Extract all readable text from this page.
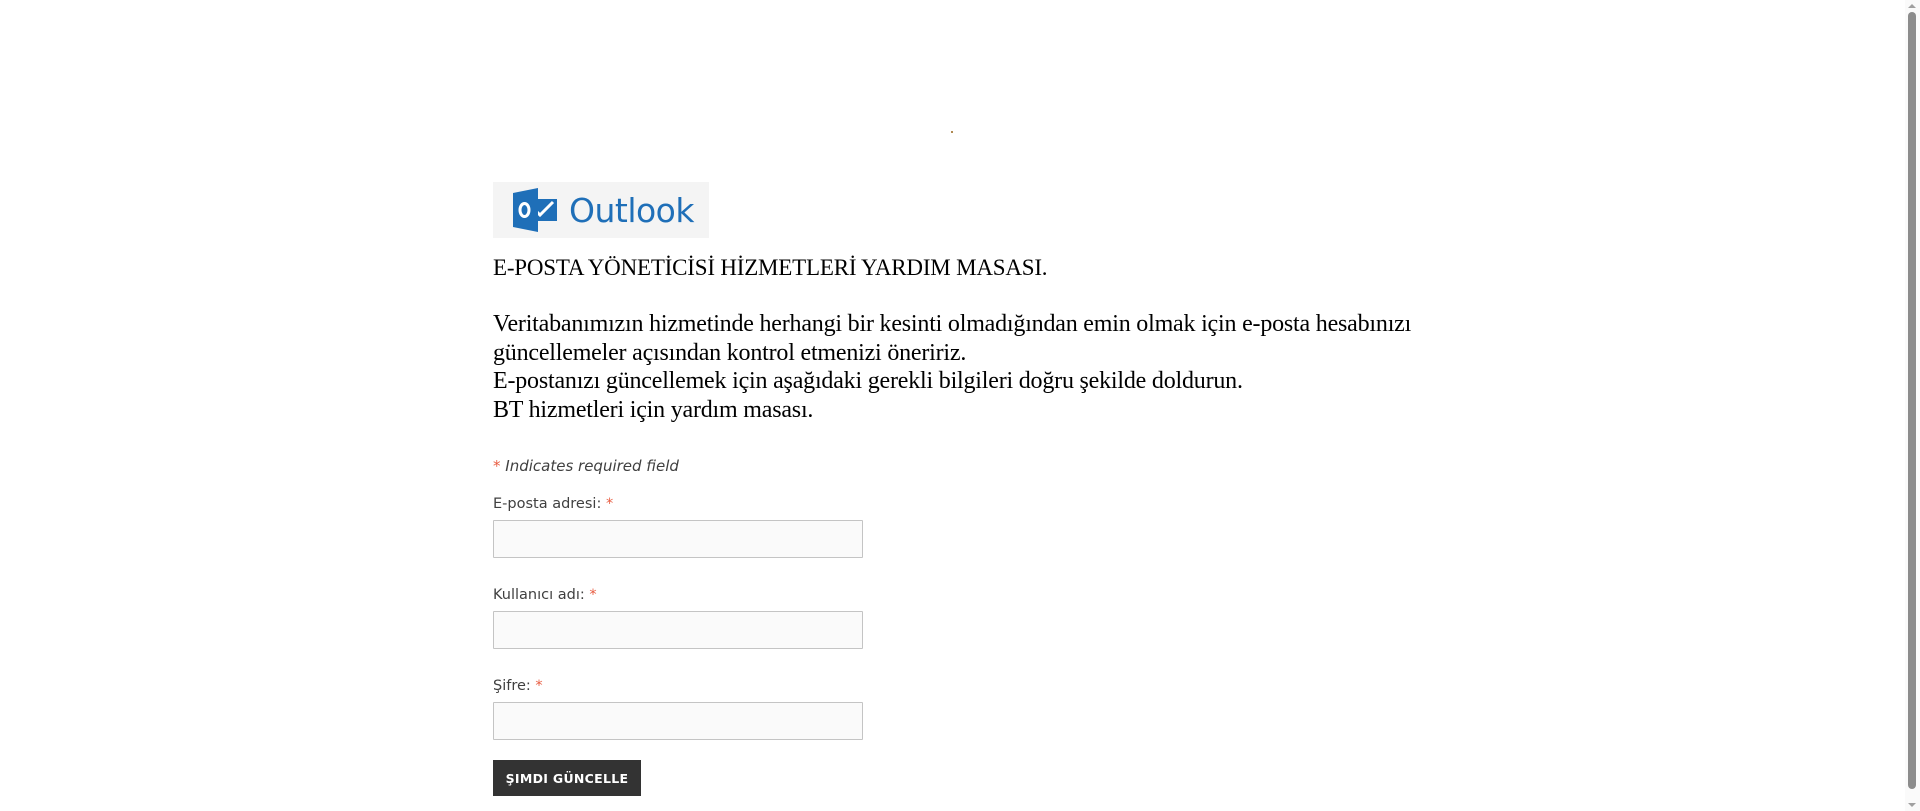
Outlook
E-POSTA YÖNETİCİSİ HİZMETLERİ YARDIM MASASI.

Veritabanımızın hizmetinde herhangi bir kesinti olmadığından emin olmak için e-posta hesabınızı güncellemeler açısından kontrol etmenizi öneririz.

E-postanızı güncellemek için aşağıdaki gerekli bilgileri doğru şekilde doldurun.

BT hizmetleri için yardım masası.

* Indicates required field
E-posta adresi: *
Kullanıcı adı: *
Şifre: *
ŞIMDI GÜNCELLE
